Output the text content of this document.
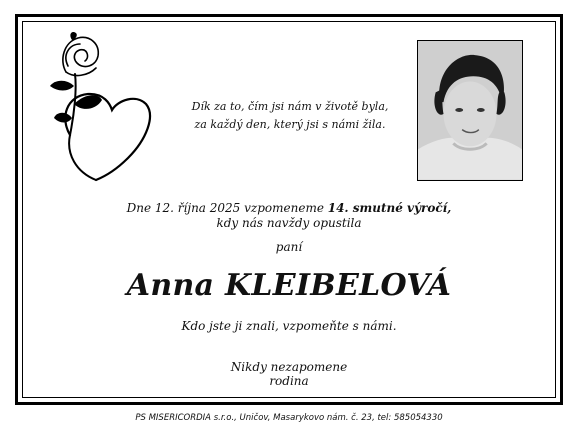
Dík za to, čím jsi nám v životě byla,
za každý den, který jsi s námi žila.
Dne 12. října 2025 vzpomeneme 14. smutné výročí,
kdy nás navždy opustila
paní
Anna KLEIBELOVÁ
Kdo jste ji znali, vzpomeňte s námi.
Nikdy nezapomene
rodina
PS MISERICORDIA s.r.o., Uničov, Masarykovo nám. č. 23, tel: 585054330
